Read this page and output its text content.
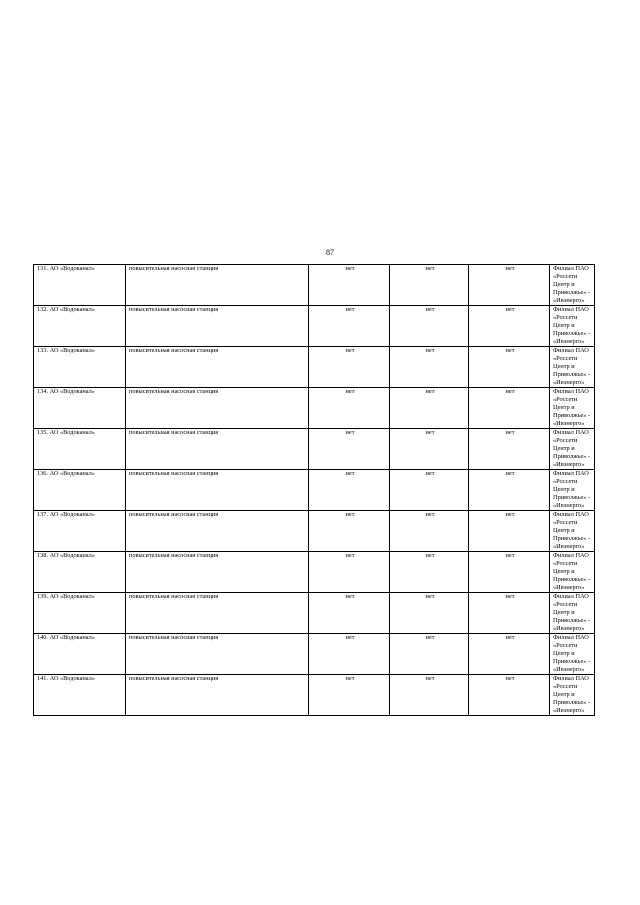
87
131. АО «Водоканал»	повысительная насосная станция	нет	нет	нет	Филиал ПАО «Россети Центр и Приволжье» - «Ивэнерго»
132. АО «Водоканал»	повысительная насосная станция	нет	нет	нет	Филиал ПАО «Россети Центр и Приволжье» - «Ивэнерго»
133. АО «Водоканал»	повысительная насосная станция	нет	нет	нет	Филиал ПАО «Россети Центр и Приволжье» - «Ивэнерго»
134. АО «Водоканал»	повысительная насосная станция	нет	нет	нет	Филиал ПАО «Россети Центр и Приволжье» - «Ивэнерго»
135. АО «Водоканал»	повысительная насосная станция	нет	нет	нет	Филиал ПАО «Россети Центр и Приволжье» - «Ивэнерго»
136. АО «Водоканал»	повысительная насосная станция	нет	нет	нет	Филиал ПАО «Россети Центр и Приволжье» - «Ивэнерго»
137. АО «Водоканал»	повысительная насосная станция	нет	нет	нет	Филиал ПАО «Россети Центр и Приволжье» - «Ивэнерго»
138. АО «Водоканал»	повысительная насосная станция	нет	нет	нет	Филиал ПАО «Россети Центр и Приволжье» - «Ивэнерго»
139. АО «Водоканал»	повысительная насосная станция	нет	нет	нет	Филиал ПАО «Россети Центр и Приволжье» - «Ивэнерго»
140. АО «Водоканал»	повысительная насосная станция	нет	нет	нет	Филиал ПАО «Россети Центр и Приволжье» - «Ивэнерго»
141. АО «Водоканал»	повысительная насосная станция	нет	нет	нет	Филиал ПАО «Россети Центр и Приволжье» - «Ивэнерго»
